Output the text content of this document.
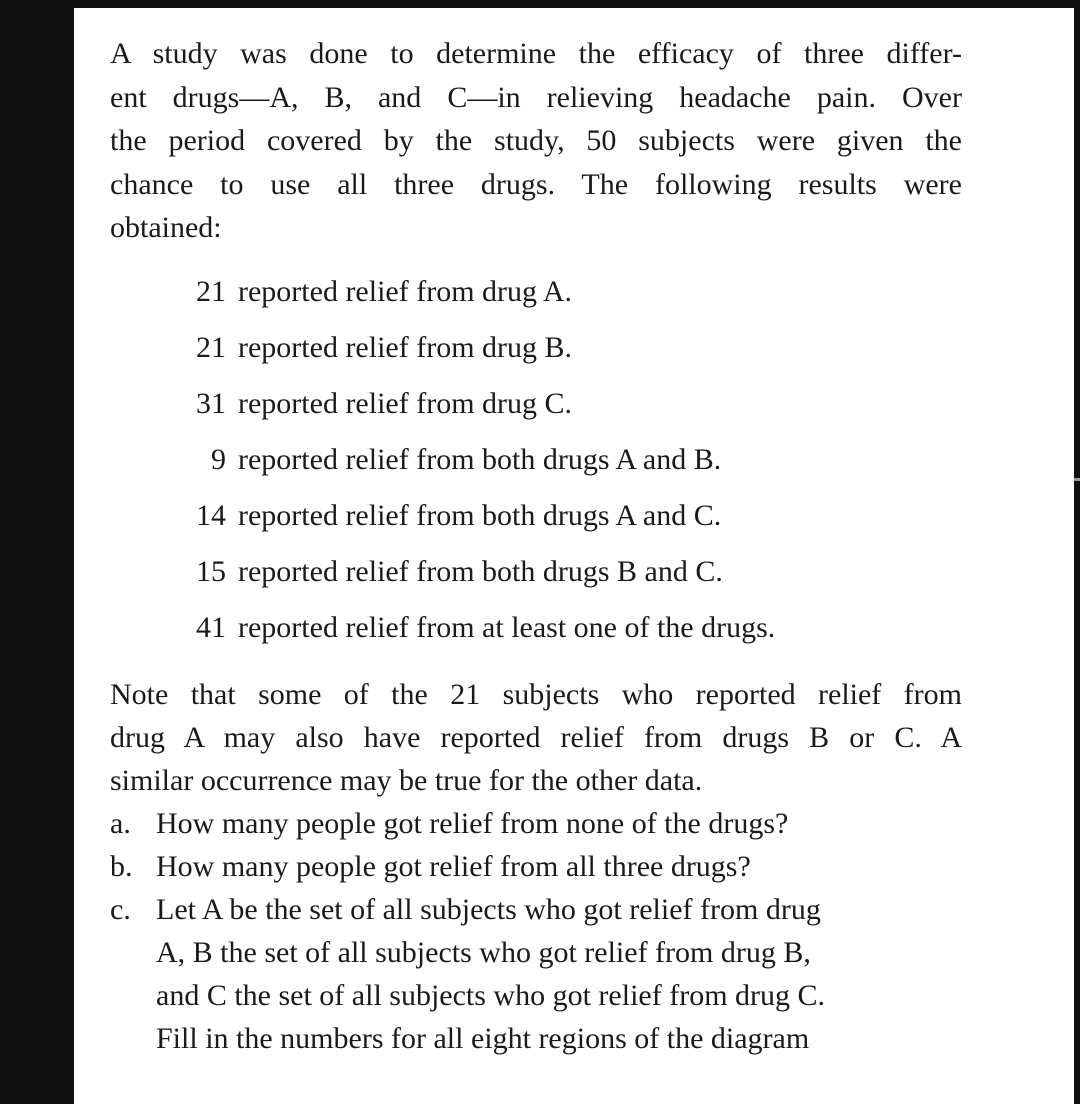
A study was done to determine the efficacy of three differ-

ent drugs—A, B, and C—in relieving headache pain. Over

the period covered by the study, 50 subjects were given the

chance to use all three drugs. The following results were

obtained:

21 reported relief from drug A.
21 reported relief from drug B.
31 reported relief from drug C.
9 reported relief from both drugs A and B.
14 reported relief from both drugs A and C.
15 reported relief from both drugs B and C.
41 reported relief from at least one of the drugs.

Note that some of the 21 subjects who reported relief from

drug A may also have reported relief from drugs B or C. A

similar occurrence may be true for the other data.

a. How many people got relief from none of the drugs?
b. How many people got relief from all three drugs?
c. Let A be the set of all subjects who got relief from drug
A, B the set of all subjects who got relief from drug B,
and C the set of all subjects who got relief from drug C.
Fill in the numbers for all eight regions of the diagram
